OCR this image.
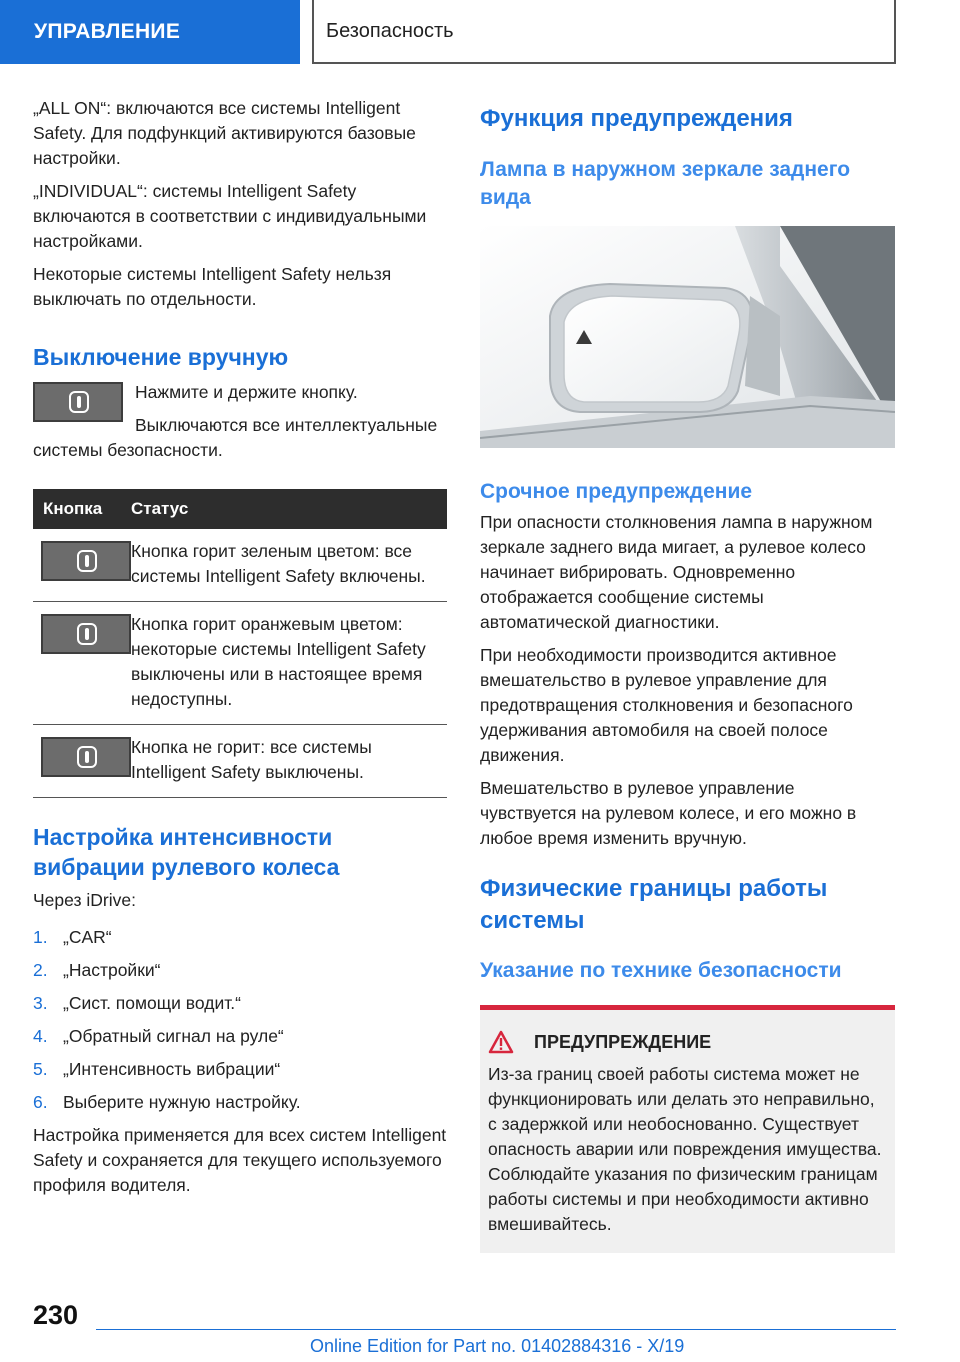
УПРАВЛЕНИЕ	Безопасность

„ALL ON“: включаются все системы Intelligent Safety. Для подфункций активируются базовые настройки.

„INDIVIDUAL“: системы Intelligent Safety включаются в соответствии с индивидуальными настройками.

Некоторые системы Intelligent Safety нельзя выключать по отдельности.

Выключение вручную

Нажмите и держите кнопку.

Выключаются все интеллектуальные системы безопасности.

Кнопка	Статус
	Кнопка горит зеленым цветом: все системы Intelligent Safety включены.
	Кнопка горит оранжевым цветом: некоторые системы Intelligent Safety выключены или в настоящее время недоступны.
	Кнопка не горит: все системы Intelligent Safety выключены.
Настройка интенсивности вибрации рулевого колеса

Через iDrive:

1. „CAR“
2. „Настройки“
3. „Сист. помощи водит.“
4. „Обратный сигнал на руле“
5. „Интенсивность вибрации“
6. Выберите нужную настройку.

Настройка применяется для всех систем Intelligent Safety и сохраняется для текущего используемого профиля водителя.

Функция предупреждения
Лампа в наружном зеркале заднего вида
Срочное предупреждение

При опасности столкновения лампа в наружном зеркале заднего вида мигает, а рулевое колесо начинает вибрировать. Одновременно отображается сообщение системы автоматической диагностики.

При необходимости производится активное вмешательство в рулевое управление для предотвращения столкновения и безопасного удерживания автомобиля на своей полосе движения.

Вмешательство в рулевое управление чувствуется на рулевом колесе, и его можно в любое время изменить вручную.

Физические границы работы системы
Указание по технике безопасности
ПРЕДУПРЕЖДЕНИЕ

Из-за границ своей работы система может не функционировать или делать это неправильно, с задержкой или необоснованно. Существует опасность аварии или повреждения имущества. Соблюдайте указания по физическим границам работы системы и при необходимости активно вмешивайтесь.

230
Online Edition for Part no. 01402884316 - X/19
